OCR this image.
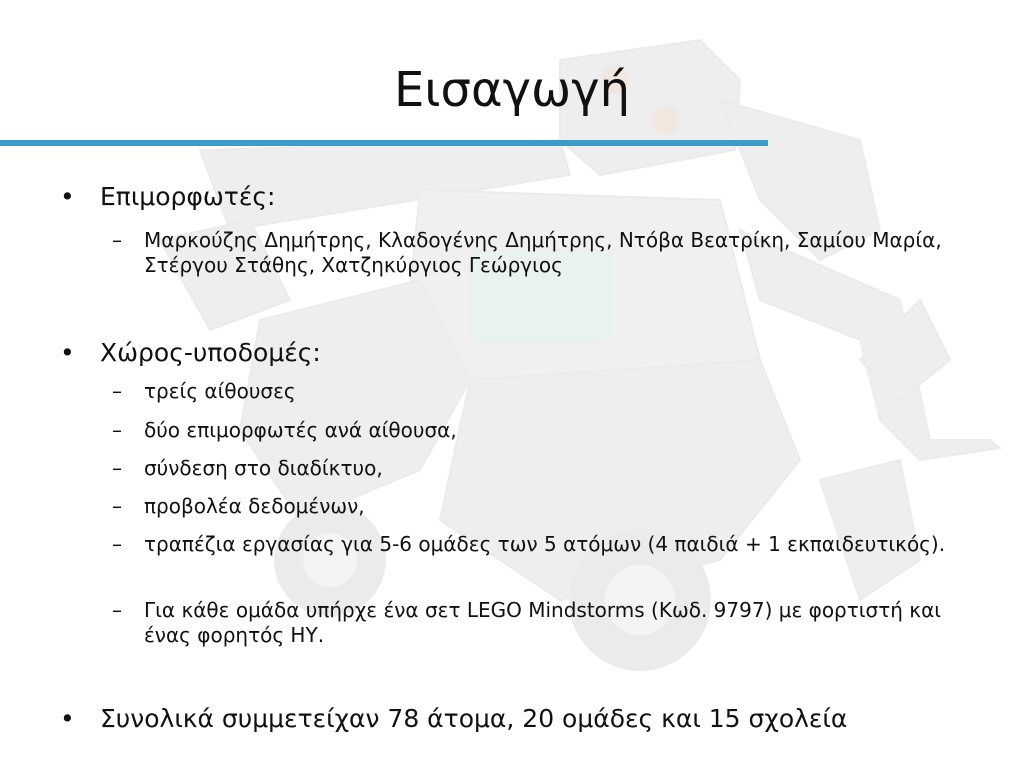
Εισαγωγή
• Επιμορφωτές:
–	Μαρκούζης Δημήτρης, Κλαδογένης Δημήτρης, Ντόβα Βεατρίκη, Σαμίου Μαρία, Στέργου Στάθης, Χατζηκύργιος Γεώργιος
• Χώρος-υποδομές:
–	τρείς αίθουσες
–	δύο επιμορφωτές ανά αίθουσα,
–	σύνδεση στο διαδίκτυο,
–	προβολέα δεδομένων,
–	τραπέζια εργασίας για 5-6 ομάδες των 5 ατόμων (4 παιδιά + 1 εκπαιδευτικός).
–	Για κάθε ομάδα υπήρχε ένα σετ LEGO Mindstorms (Κωδ. 9797) με φορτιστή και ένας φορητός ΗΥ.
• Συνολικά συμμετείχαν 78 άτομα, 20 ομάδες και 15 σχολεία
